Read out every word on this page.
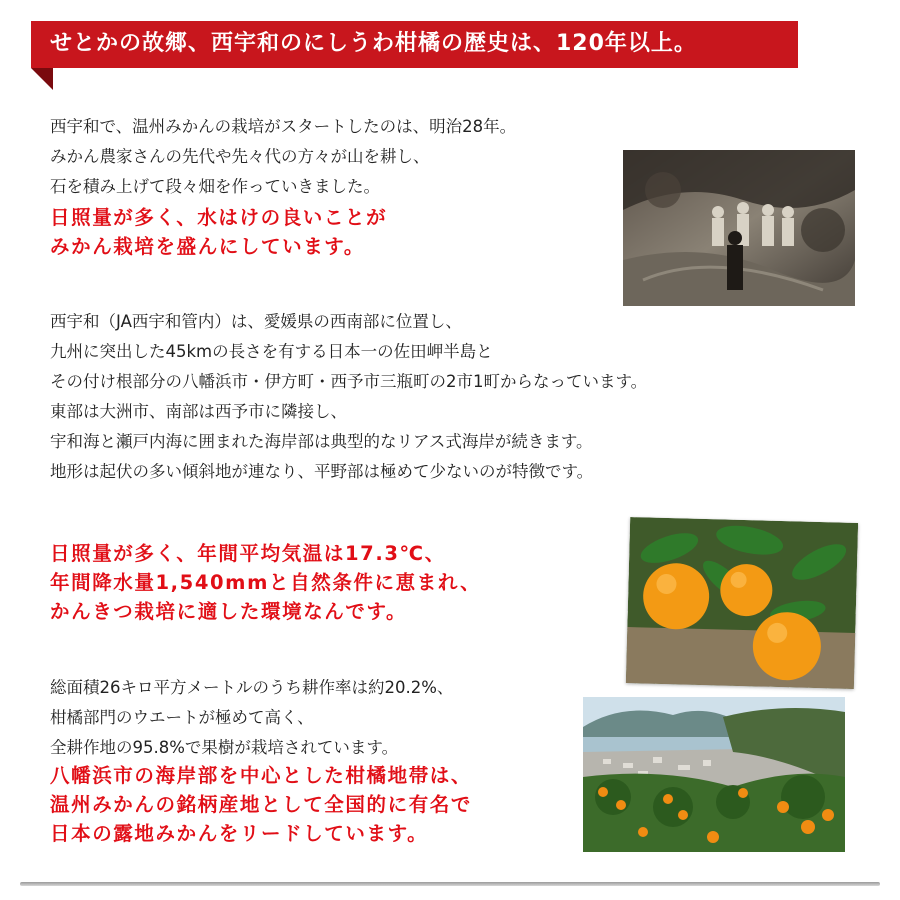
せとかの故郷、西宇和のにしうわ柑橘の歴史は、120年以上。
西宇和で、温州みかんの栽培がスタートしたのは、明治28年。
みかん農家さんの先代や先々代の方々が山を耕し、
石を積み上げて段々畑を作っていきました。
日照量が多く、水はけの良いことが
みかん栽培を盛んにしています。
西宇和（JA西宇和管内）は、愛媛県の西南部に位置し、
九州に突出した45kmの長さを有する日本一の佐田岬半島と
その付け根部分の八幡浜市・伊方町・西予市三瓶町の2市1町からなっています。
東部は大洲市、南部は西予市に隣接し、
宇和海と瀬戸内海に囲まれた海岸部は典型的なリアス式海岸が続きます。
地形は起伏の多い傾斜地が連なり、平野部は極めて少ないのが特徴です。
日照量が多く、年間平均気温は17.3℃、
年間降水量1,540mmと自然条件に恵まれ、
かんきつ栽培に適した環境なんです。
総面積26キロ平方メートルのうち耕作率は約20.2%、
柑橘部門のウエートが極めて高く、
全耕作地の95.8%で果樹が栽培されています。
八幡浜市の海岸部を中心とした柑橘地帯は、
温州みかんの銘柄産地として全国的に有名で
日本の露地みかんをリードしています。
